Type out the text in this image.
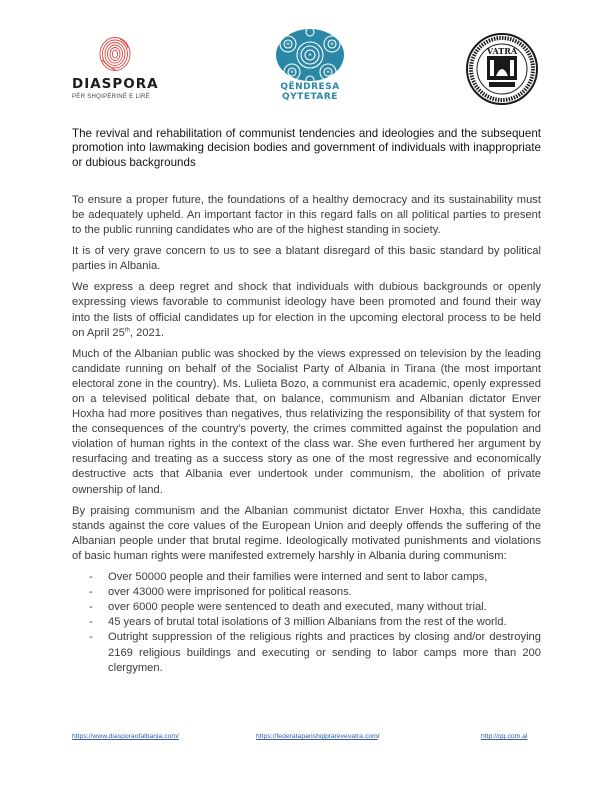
DIASPORA
PËR SHQIPËRINË E LIRË
*
*	*
*	*
QËNDRESA
QYTETARE
VATRA

The revival and rehabilitation of communist tendencies and ideologies and the subsequent promotion into lawmaking decision bodies and government of individuals with inappropriate or dubious backgrounds

To ensure a proper future, the foundations of a healthy democracy and its sustainability must be adequately upheld. An important factor in this regard falls on all political parties to present to the public running candidates who are of the highest standing in society.

It is of very grave concern to us to see a blatant disregard of this basic standard by political parties in Albania.

We express a deep regret and shock that individuals with dubious backgrounds or openly expressing views favorable to communist ideology have been promoted and found their way into the lists of official candidates up for election in the upcoming electoral process to be held on April 25th, 2021.

Much of the Albanian public was shocked by the views expressed on television by the leading candidate running on behalf of the Socialist Party of Albania in Tirana (the most important electoral zone in the country). Ms. Lulieta Bozo, a communist era academic, openly expressed on a televised political debate that, on balance, communism and Albanian dictator Enver Hoxha had more positives than negatives, thus relativizing the responsibility of that system for the consequences of the country's poverty, the crimes committed against the population and violation of human rights in the context of the class war. She even furthered her argument by resurfacing and treating as a success story as one of the most regressive and economically destructive acts that Albania ever undertook under communism, the abolition of private ownership of land.

By praising communism and the Albanian communist dictator Enver Hoxha, this candidate stands against the core values of the European Union and deeply offends the suffering of the Albanian people under that brutal regime. Ideologically motivated punishments and violations of basic human rights were manifested extremely harshly in Albania during communism:

- Over 50000 people and their families were interned and sent to labor camps,
- over 43000 were imprisoned for political reasons.
- over 6000 people were sentenced to death and executed, many without trial.
- 45 years of brutal total isolations of 3 million Albanians from the rest of the world.
- Outright suppression of the religious rights and practices by closing and/or destroying 2169 religious buildings and executing or sending to labor camps more than 200 clergymen.
https://www.diasporaofalbania.com/	https://federatapanshqiptarevevatra.com/	http://qq.com.al
